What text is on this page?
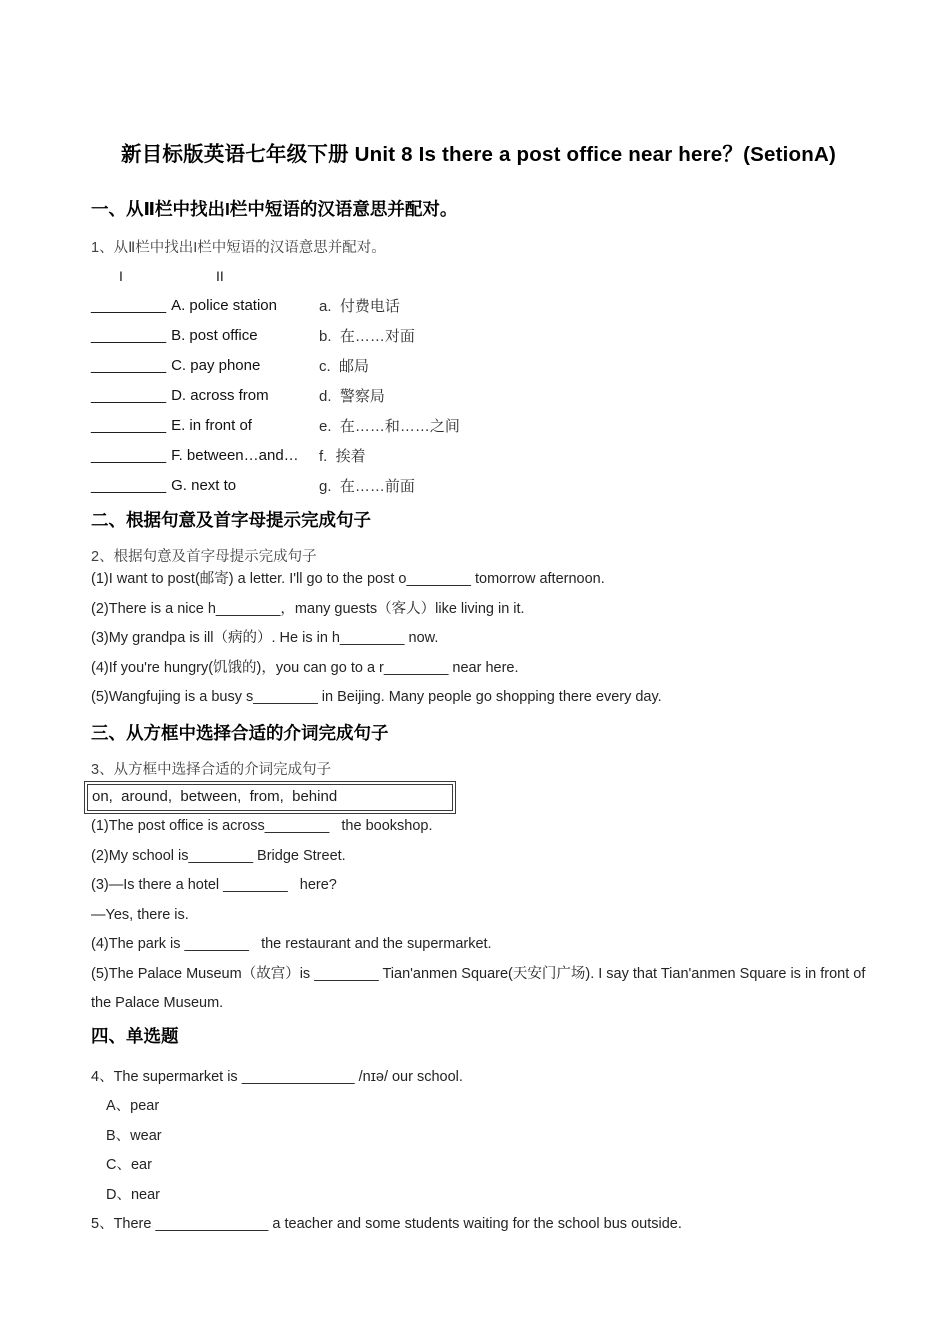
新目标版英语七年级下册 Unit 8 Is there a post office near here？(SetionA)
一、从Ⅱ栏中找出I栏中短语的汉语意思并配对。

1、从Ⅱ栏中找出I栏中短语的汉语意思并配对。

I	II
_________ A. police station	a.  付费电话
_________ B. post office	b.  在……对面
_________ C. pay phone	c.  邮局
_________ D. across from	d.  警察局
_________ E. in front of	e.  在……和……之间
_________ F. between…and…	f.  挨着
_________ G. next to	g.  在……前面
二、根据句意及首字母提示完成句子

2、根据句意及首字母提示完成句子

(1)I want to post(邮寄) a letter. I'll go to the post o________ tomorrow afternoon.

(2)There is a nice h________，many guests（客人）like living in it.

(3)My grandpa is ill（病的）. He is in h________ now.

(4)If you're hungry(饥饿的)，you can go to a r________ near here.

(5)Wangfujing is a busy s________ in Beijing. Many people go shopping there every day.

三、从方框中选择合适的介词完成句子

3、从方框中选择合适的介词完成句子

on,  around,  between,  from,  behind

(1)The post office is across________   the bookshop.

(2)My school is________ Bridge Street.

(3)—Is there a hotel ________   here?

—Yes, there is.

(4)The park is ________   the restaurant and the supermarket.

(5)The Palace Museum（故宫）is ________ Tian'anmen Square(天安门广场). I say that Tian'anmen Square is in front of the Palace Museum.

四、单选题

4、The supermarket is ______________ /nɪə/ our school.

A、pear

B、wear

C、ear

D、near

5、There ______________ a teacher and some students waiting for the school bus outside.
